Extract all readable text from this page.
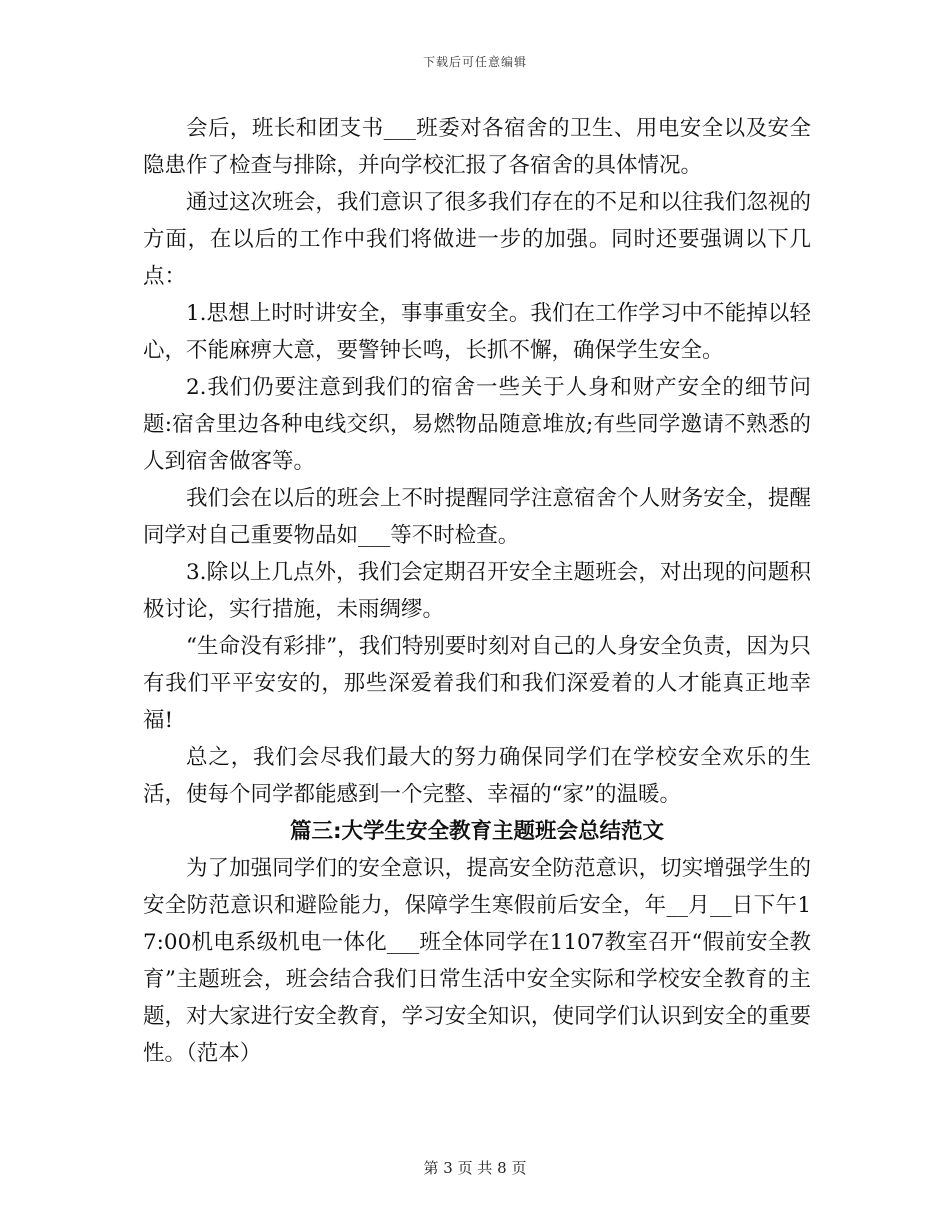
下载后可任意编辑

会后，班长和团支书___班委对各宿舍的卫生、用电安全以及安全隐患作了检查与排除，并向学校汇报了各宿舍的具体情况。

通过这次班会，我们意识了很多我们存在的不足和以往我们忽视的方面，在以后的工作中我们将做进一步的加强。同时还要强调以下几点：

1.思想上时时讲安全，事事重安全。我们在工作学习中不能掉以轻心，不能麻痹大意，要警钟长鸣，长抓不懈，确保学生安全。

2.我们仍要注意到我们的宿舍一些关于人身和财产安全的细节问题:宿舍里边各种电线交织，易燃物品随意堆放;有些同学邀请不熟悉的人到宿舍做客等。

我们会在以后的班会上不时提醒同学注意宿舍个人财务安全，提醒同学对自己重要物品如___等不时检查。

3.除以上几点外，我们会定期召开安全主题班会，对出现的问题积极讨论，实行措施，未雨绸缪。

“生命没有彩排”，我们特别要时刻对自己的人身安全负责，因为只有我们平平安安的，那些深爱着我们和我们深爱着的人才能真正地幸福!

总之，我们会尽我们最大的努力确保同学们在学校安全欢乐的生活，使每个同学都能感到一个完整、幸福的“家”的温暖。

篇三:大学生安全教育主题班会总结范文

为了加强同学们的安全意识，提高安全防范意识，切实增强学生的安全防范意识和避险能力，保障学生寒假前后安全，年__月__日下午17:00机电系级机电一体化___班全体同学在1107教室召开“假前安全教育”主题班会，班会结合我们日常生活中安全实际和学校安全教育的主题，对大家进行安全教育，学习安全知识，使同学们认识到安全的重要性。（范本）

第 3 页 共 8 页
